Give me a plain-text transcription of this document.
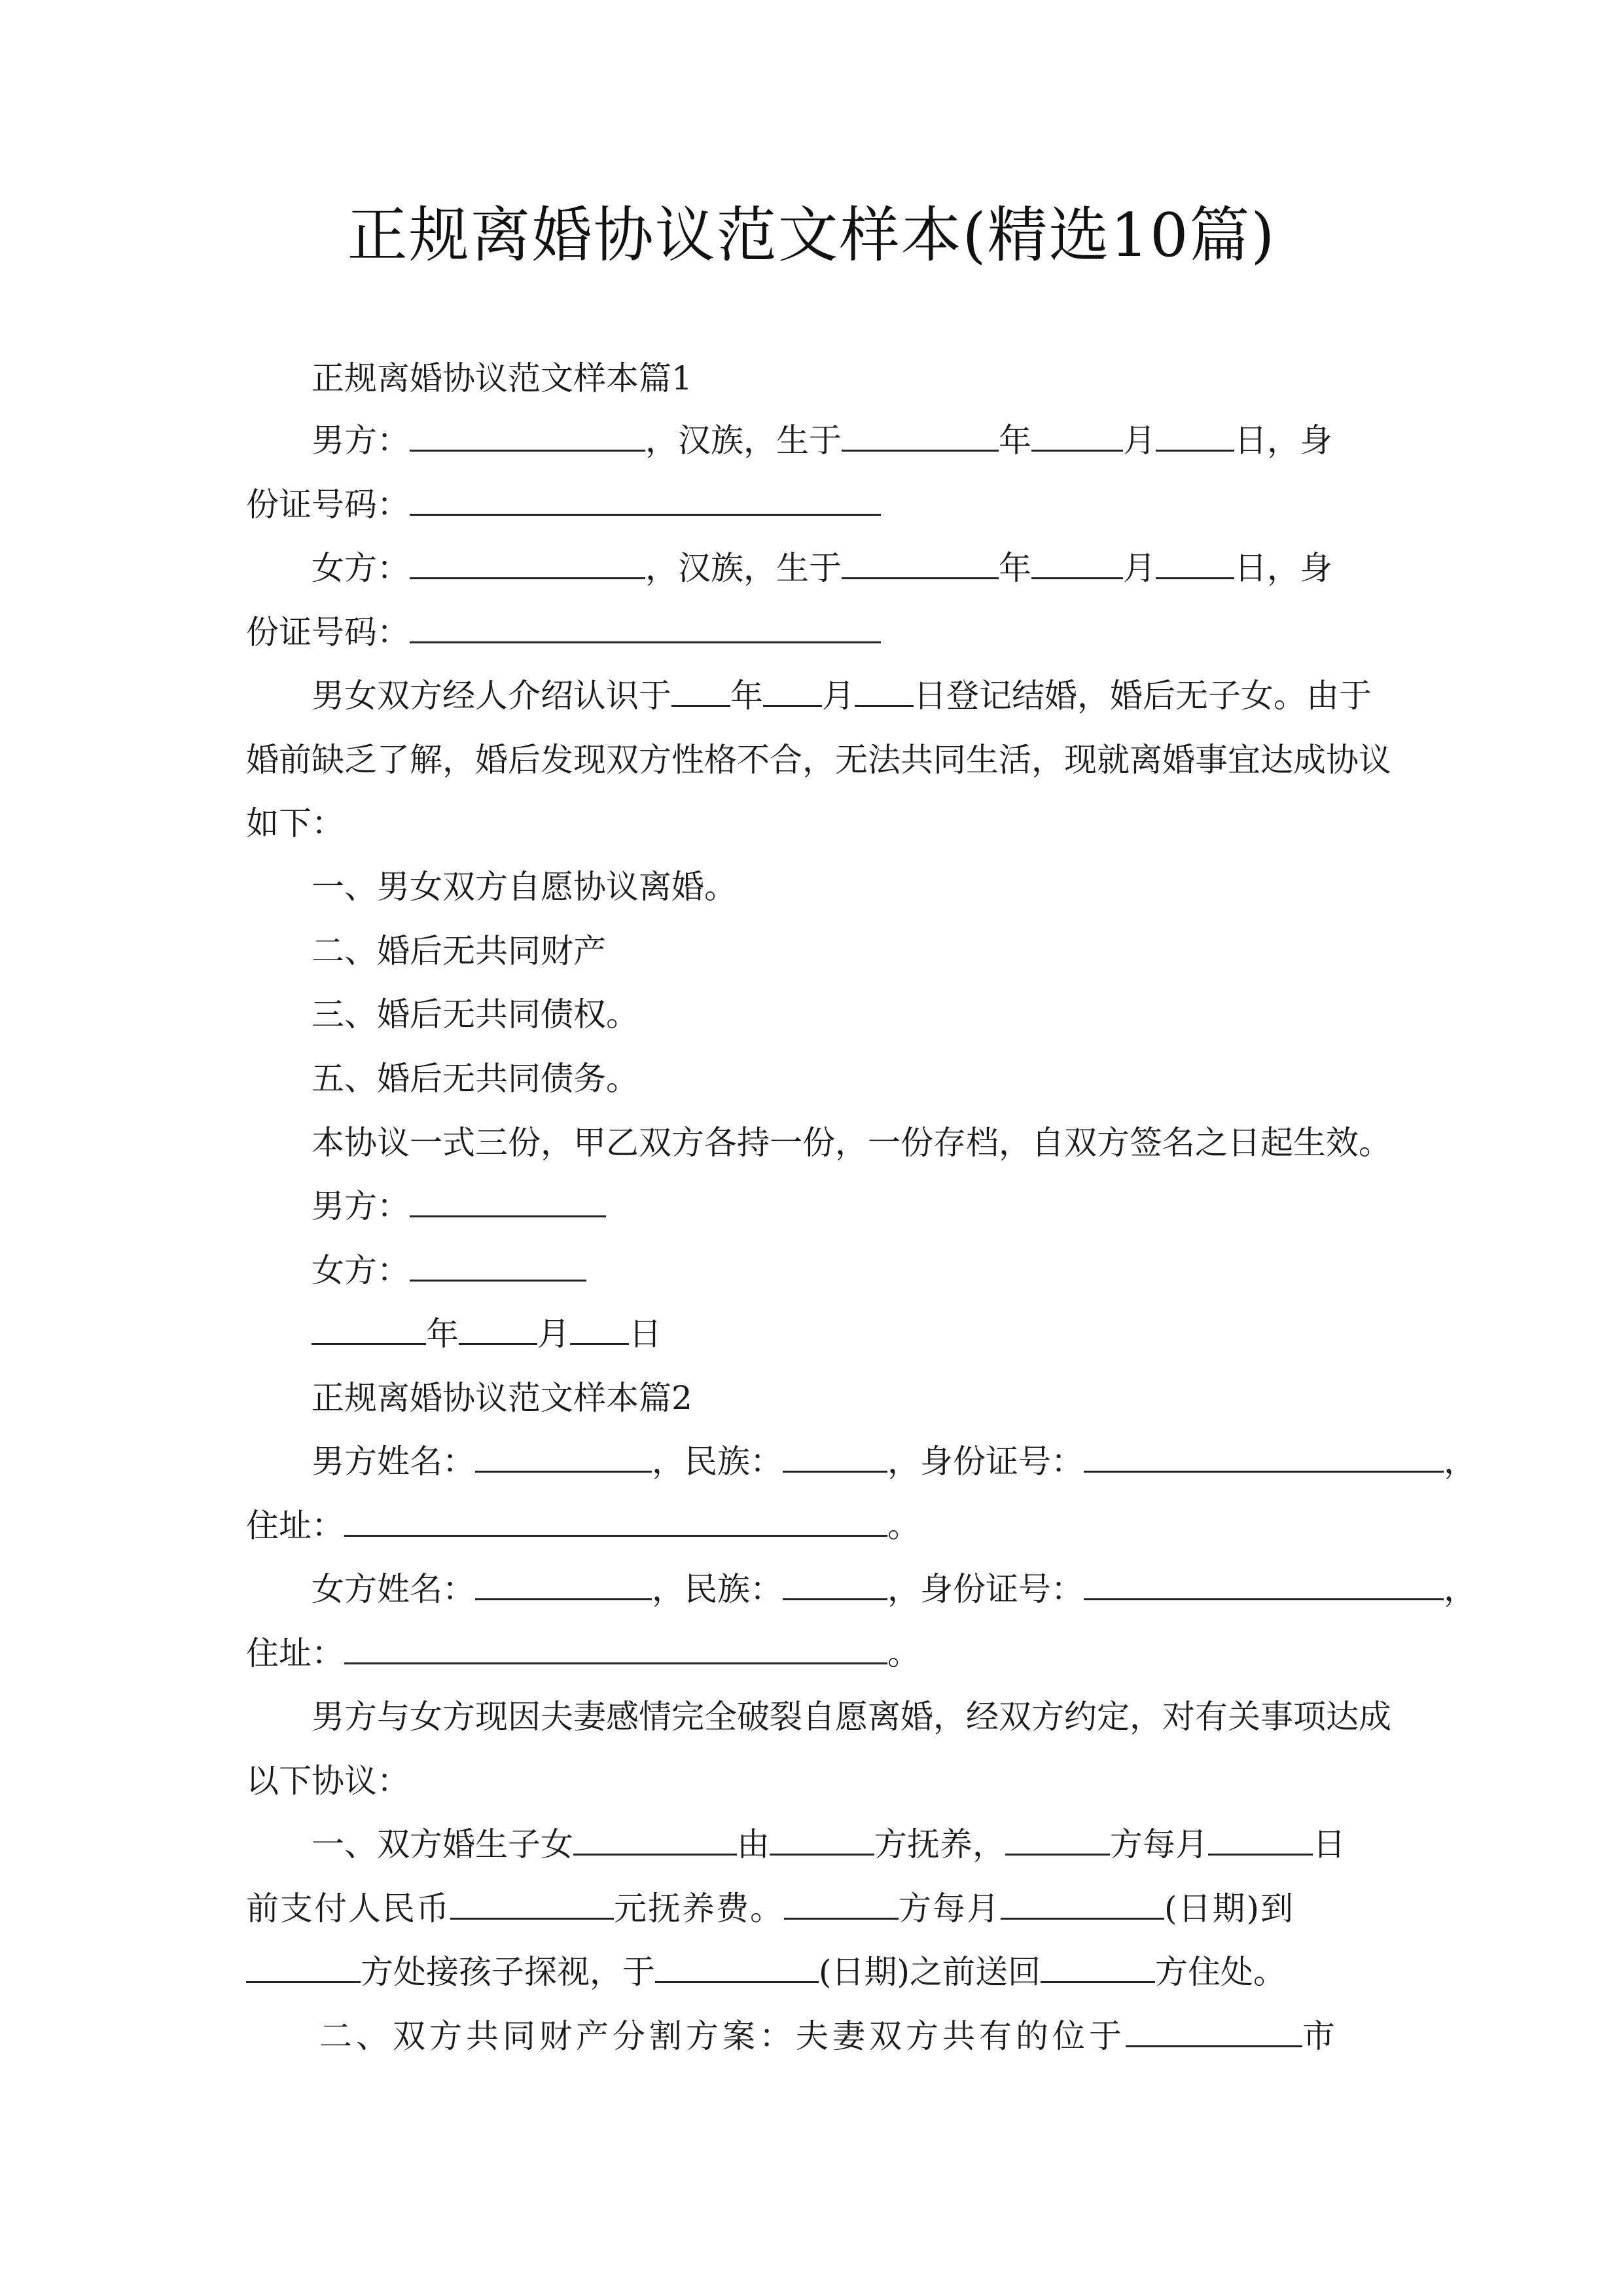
正规离婚协议范文样本(精选10篇)
正规离婚协议范文样本篇1
男方：	，汉族，生于	年	月 日，身
份证号码：
女方：	，汉族，生于	年	月 日，身
份证号码：
男女双方经人介绍认识于 年 月 日登记结婚，婚后无子女。由于
婚前缺乏了解，婚后发现双方性格不合，无法共同生活，现就离婚事宜达成协议
如下：
一、男女双方自愿协议离婚。
二、婚后无共同财产
三、婚后无共同债权。
五、婚后无共同债务。
本协议一式三份，甲乙双方各持一份，一份存档，自双方签名之日起生效。
男方：
女方：
年 月 日
正规离婚协议范文样本篇2
男方姓名：	，民族：	，身份证号：	，
住址：	。
女方姓名：	，民族：	，身份证号：	，
住址：	。
男方与女方现因夫妻感情完全破裂自愿离婚，经双方约定，对有关事项达成
以下协议：
一、双方婚生子女	由	方抚养，	方每月	日
前支付人民币	元抚养费。	方每月	(日期)到
方处接孩子探视，于	(日期)之前送回	方住处。
二、双方共同财产分割方案：夫妻双方共有的位于	市
